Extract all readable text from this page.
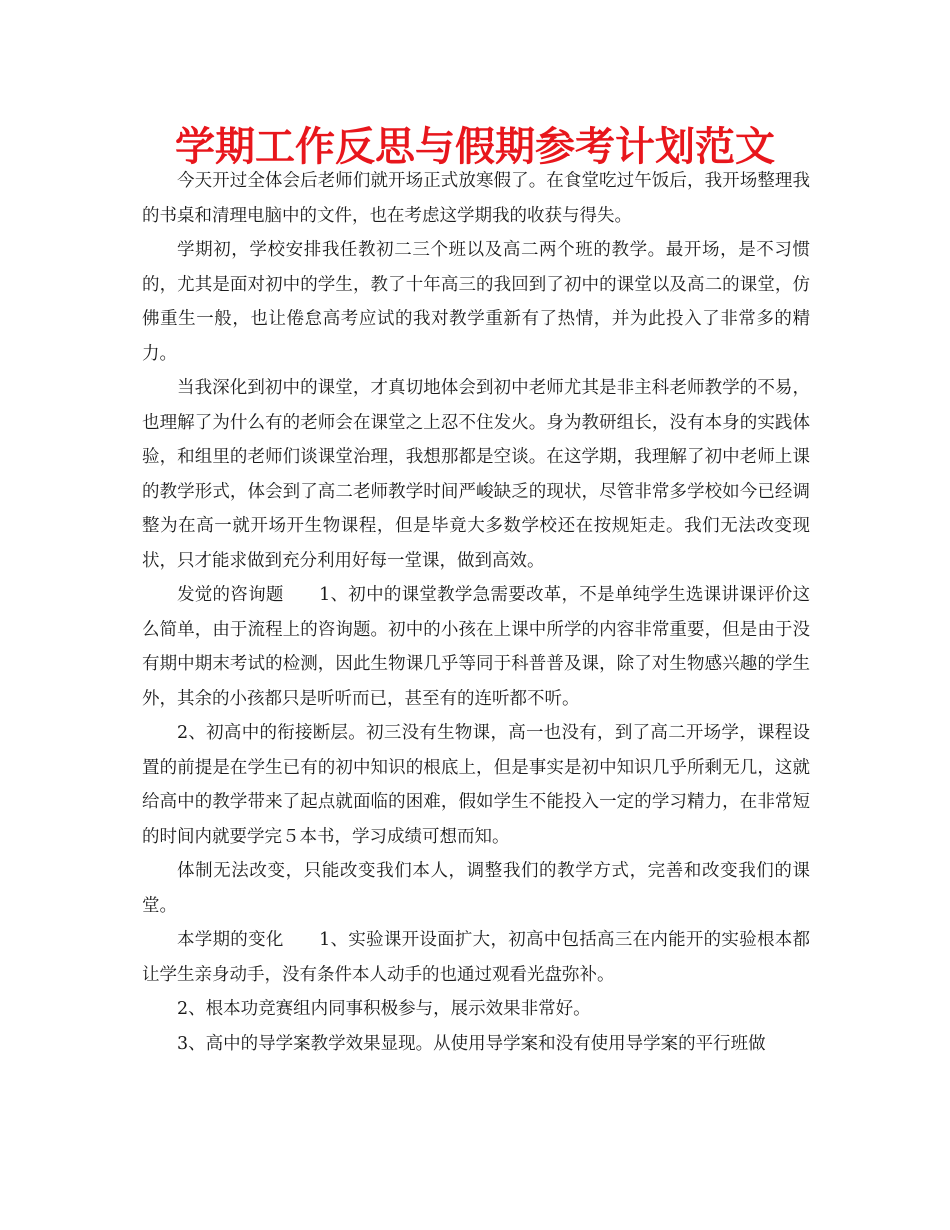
学期工作反思与假期参考计划范文

今天开过全体会后老师们就开场正式放寒假了。在食堂吃过午饭后，我开场整理我的书桌和清理电脑中的文件，也在考虑这学期我的收获与得失。

学期初，学校安排我任教初二三个班以及高二两个班的教学。最开场，是不习惯的，尤其是面对初中的学生，教了十年高三的我回到了初中的课堂以及高二的课堂，仿佛重生一般，也让倦怠高考应试的我对教学重新有了热情，并为此投入了非常多的精力。

当我深化到初中的课堂，才真切地体会到初中老师尤其是非主科老师教学的不易，也理解了为什么有的老师会在课堂之上忍不住发火。身为教研组长，没有本身的实践体验，和组里的老师们谈课堂治理，我想那都是空谈。在这学期，我理解了初中老师上课的教学形式，体会到了高二老师教学时间严峻缺乏的现状，尽管非常多学校如今已经调整为在高一就开场开生物课程，但是毕竟大多数学校还在按规矩走。我们无法改变现状，只才能求做到充分利用好每一堂课，做到高效。

发觉的咨询题　　1、初中的课堂教学急需要改革，不是单纯学生选课讲课评价这么简单，由于流程上的咨询题。初中的小孩在上课中所学的内容非常重要，但是由于没有期中期末考试的检测，因此生物课几乎等同于科普普及课，除了对生物感兴趣的学生外，其余的小孩都只是听听而已，甚至有的连听都不听。

2、初高中的衔接断层。初三没有生物课，高一也没有，到了高二开场学，课程设置的前提是在学生已有的初中知识的根底上，但是事实是初中知识几乎所剩无几，这就给高中的教学带来了起点就面临的困难，假如学生不能投入一定的学习精力，在非常短的时间内就要学完５本书，学习成绩可想而知。

体制无法改变，只能改变我们本人，调整我们的教学方式，完善和改变我们的课堂。

本学期的变化　　1、实验课开设面扩大，初高中包括高三在内能开的实验根本都让学生亲身动手，没有条件本人动手的也通过观看光盘弥补。

2、根本功竞赛组内同事积极参与，展示效果非常好。

3、高中的导学案教学效果显现。从使用导学案和没有使用导学案的平行班做
